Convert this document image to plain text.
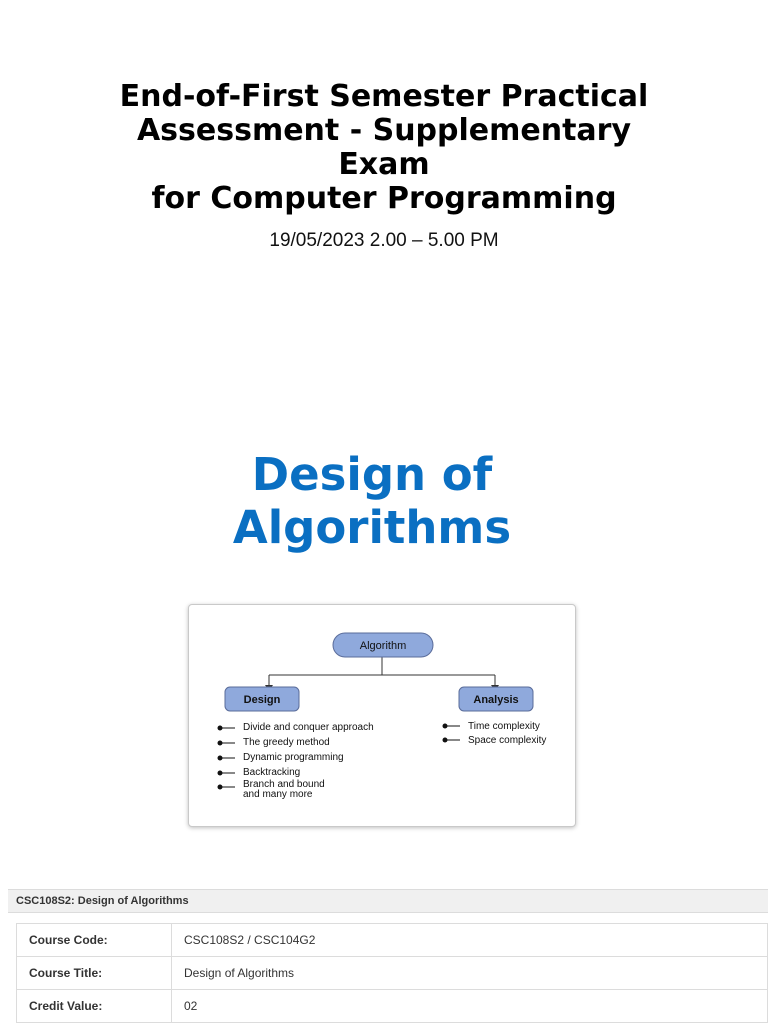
End-of-First Semester Practical
Assessment - Supplementary
Exam
for Computer Programming
19/05/2023 2.00 – 5.00 PM
Design of
Algorithms
Algorithm
Design	Analysis
Divide and conquer approach
The greedy method
Dynamic programming
Backtracking
Branch and bound
and many more
Time complexity
Space complexity
CSC108S2: Design of Algorithms
Course Code:	CSC108S2 / CSC104G2
Course Title:	Design of Algorithms
Credit Value:	02
